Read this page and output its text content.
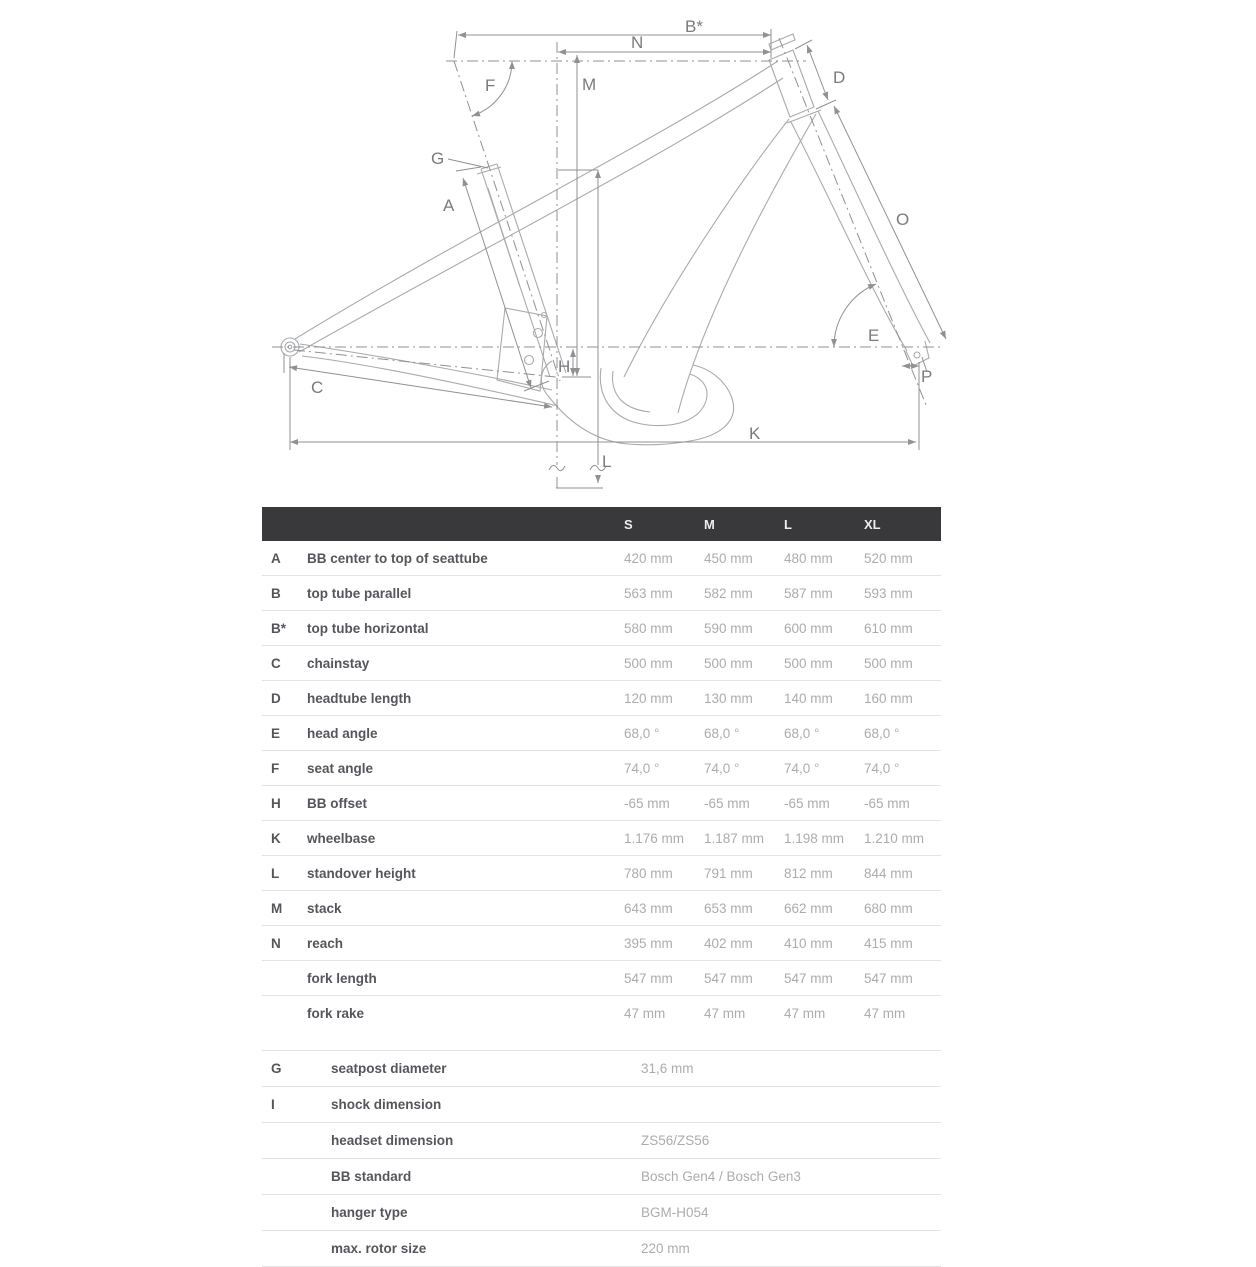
B*
N
F	M
G
A
D
O
E
H
C
K
L
P
S	M	L	XL
A	BB center to top of seattube	420 mm	450 mm	480 mm	520 mm
B	top tube parallel	563 mm	582 mm	587 mm	593 mm
B*	top tube horizontal	580 mm	590 mm	600 mm	610 mm
C	chainstay	500 mm	500 mm	500 mm	500 mm
D	headtube length	120 mm	130 mm	140 mm	160 mm
E	head angle	68,0 °	68,0 °	68,0 °	68,0 °
F	seat angle	74,0 °	74,0 °	74,0 °	74,0 °
H	BB offset	-65 mm	-65 mm	-65 mm	-65 mm
K	wheelbase	1.176 mm	1.187 mm	1.198 mm	1.210 mm
L	standover height	780 mm	791 mm	812 mm	844 mm
M	stack	643 mm	653 mm	662 mm	680 mm
N	reach	395 mm	402 mm	410 mm	415 mm
fork length	547 mm	547 mm	547 mm	547 mm
fork rake	47 mm	47 mm	47 mm	47 mm
G	seatpost diameter	31,6 mm
I	shock dimension
headset dimension	ZS56/ZS56
BB standard	Bosch Gen4 / Bosch Gen3
hanger type	BGM-H054
max. rotor size	220 mm
